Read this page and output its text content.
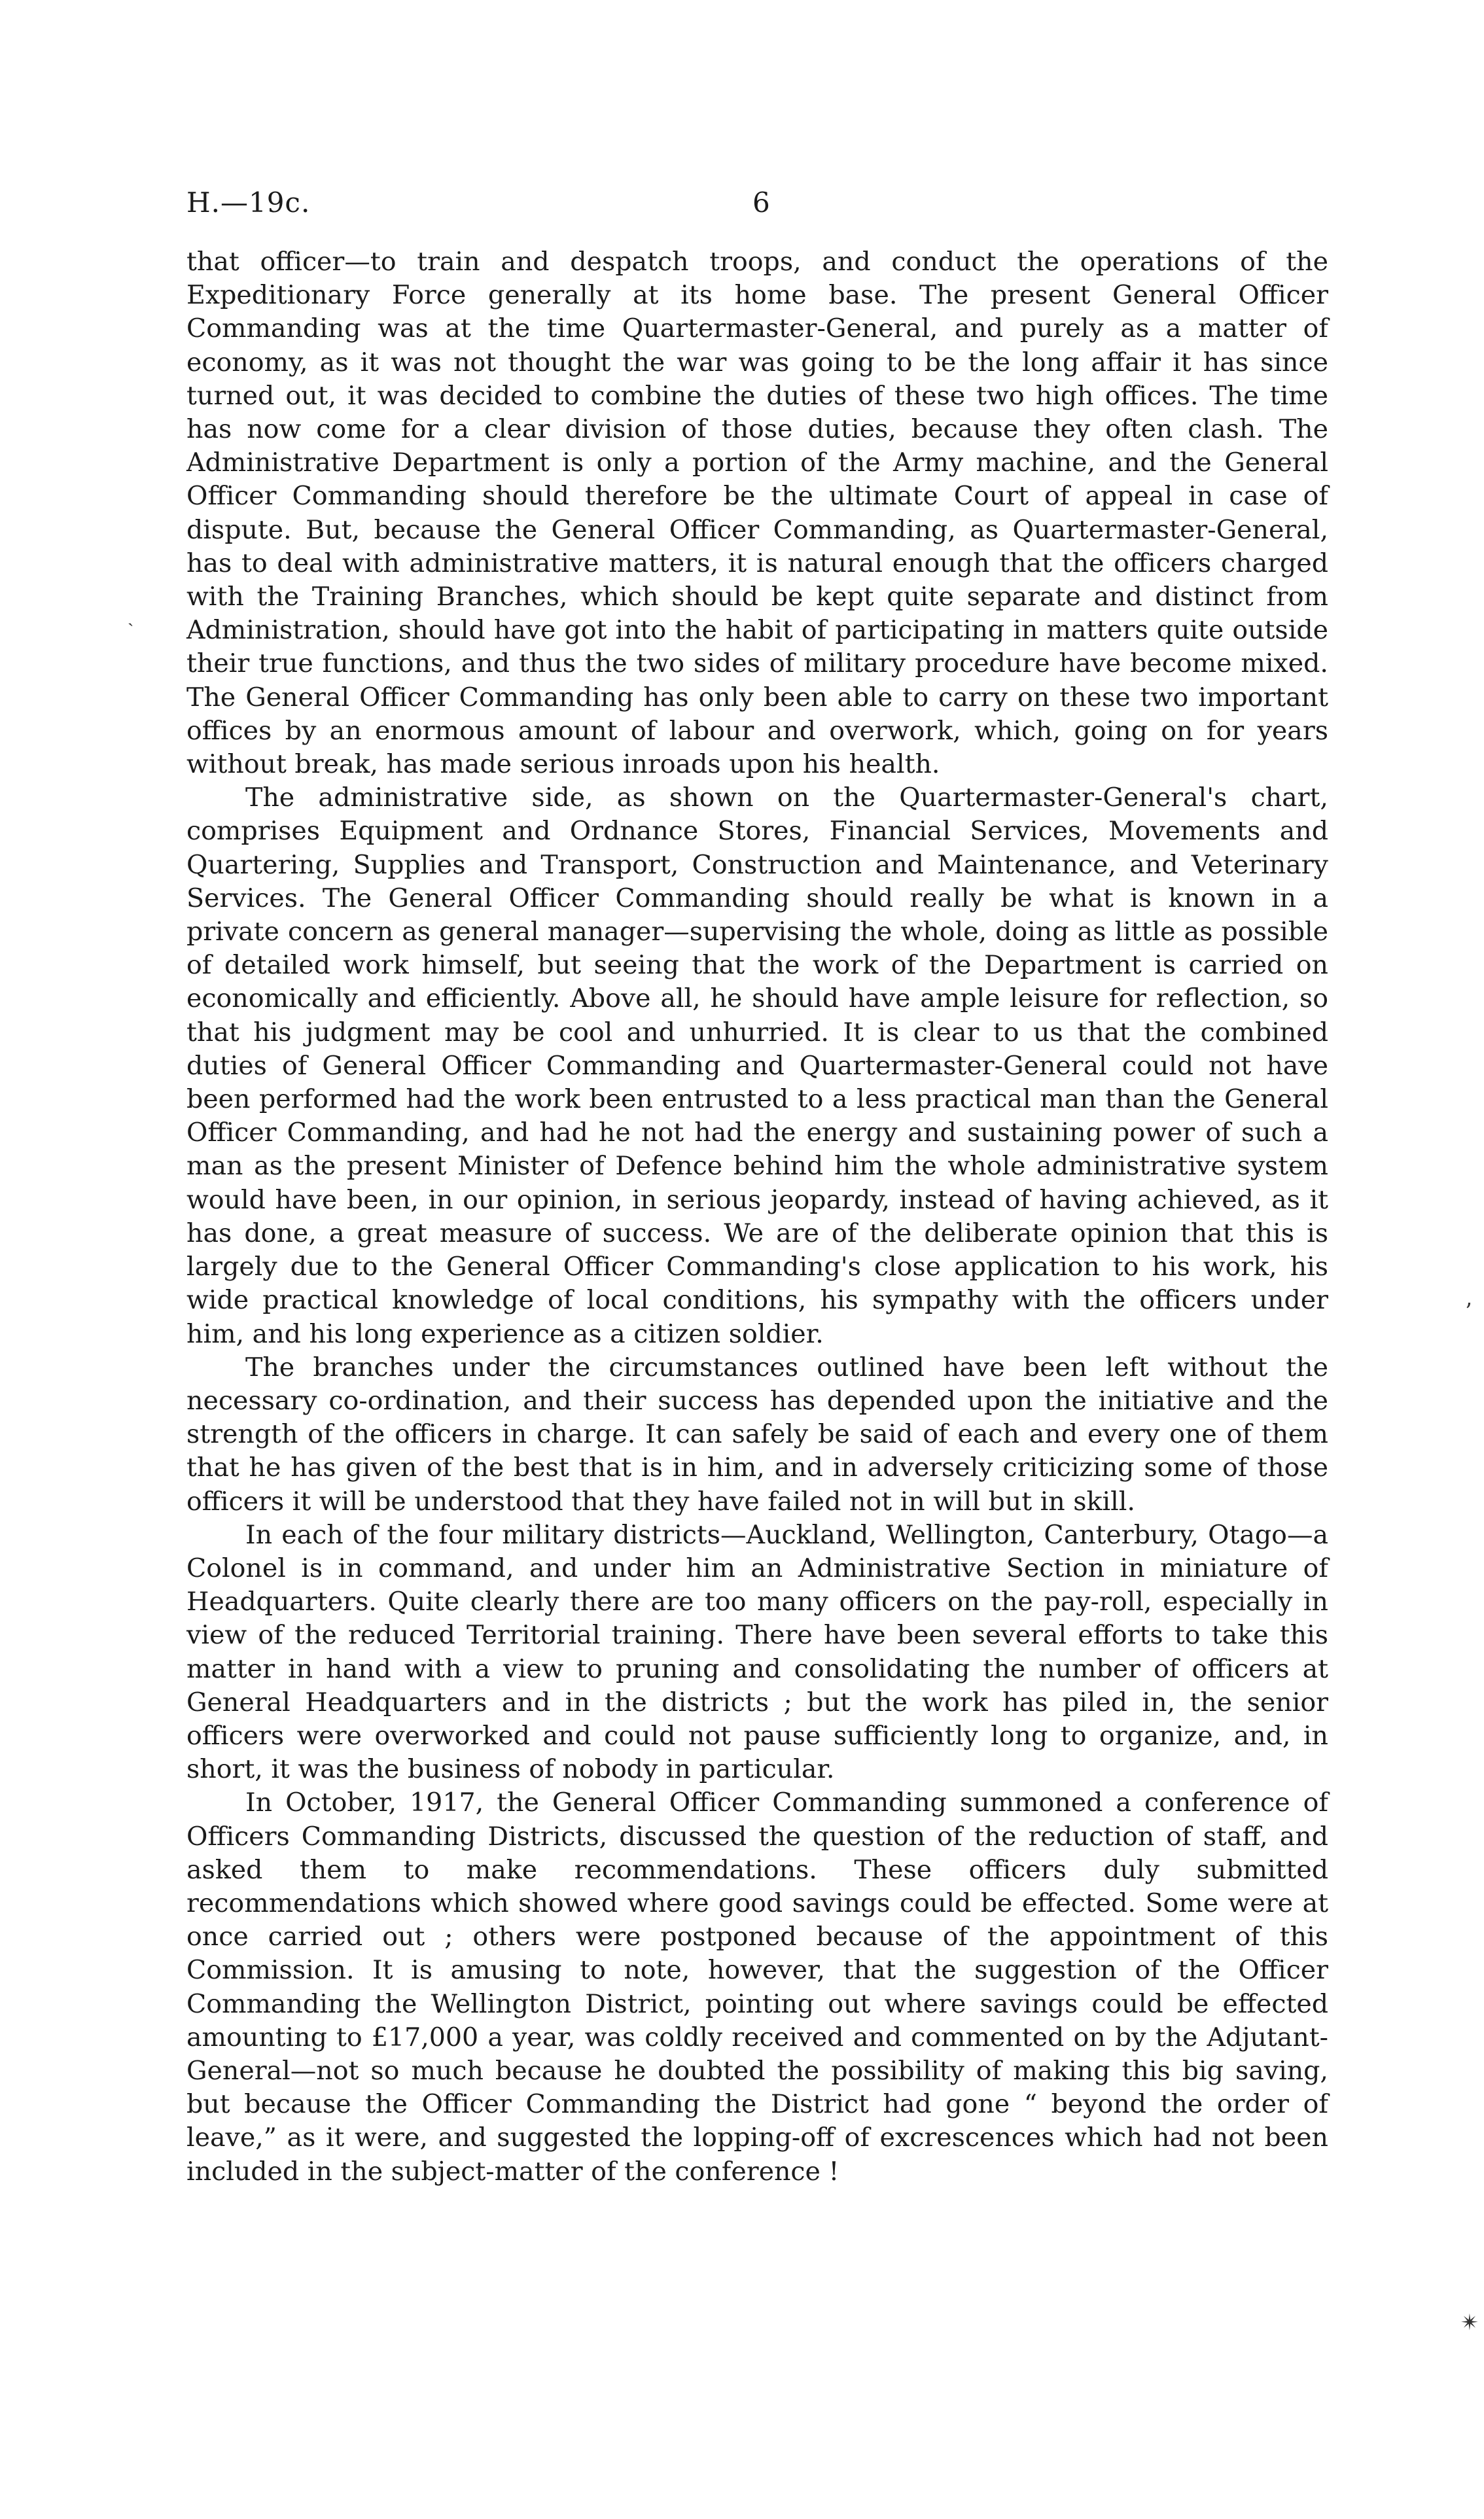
H.—19c.	6

that officer—to train and despatch troops, and conduct the operations of the Expeditionary Force generally at its home base. The present General Officer Commanding was at the time Quartermaster-General, and purely as a matter of economy, as it was not thought the war was going to be the long affair it has since turned out, it was decided to combine the duties of these two high offices. The time has now come for a clear division of those duties, because they often clash. The Administrative Department is only a portion of the Army machine, and the General Officer Commanding should therefore be the ultimate Court of appeal in case of dispute. But, because the General Officer Commanding, as Quartermaster-General, has to deal with administrative matters, it is natural enough that the officers charged with the Training Branches, which should be kept quite separate and distinct from Administration, should have got into the habit of participating in matters quite outside their true functions, and thus the two sides of military procedure have become mixed. The General Officer Commanding has only been able to carry on these two important offices by an enormous amount of labour and overwork, which, going on for years without break, has made serious inroads upon his health.

The administrative side, as shown on the Quartermaster-General's chart, comprises Equipment and Ordnance Stores, Financial Services, Movements and Quartering, Supplies and Transport, Construction and Maintenance, and Veterinary Services. The General Officer Commanding should really be what is known in a private concern as general manager—supervising the whole, doing as little as possible of detailed work himself, but seeing that the work of the Department is carried on economically and efficiently. Above all, he should have ample leisure for reflection, so that his judgment may be cool and unhurried. It is clear to us that the combined duties of General Officer Commanding and Quartermaster-General could not have been performed had the work been entrusted to a less practical man than the General Officer Commanding, and had he not had the energy and sustaining power of such a man as the present Minister of Defence behind him the whole administrative system would have been, in our opinion, in serious jeopardy, instead of having achieved, as it has done, a great measure of success. We are of the deliberate opinion that this is largely due to the General Officer Commanding's close application to his work, his wide practical knowledge of local conditions, his sympathy with the officers under him, and his long experience as a citizen soldier.

The branches under the circumstances outlined have been left without the necessary co-ordination, and their success has depended upon the initiative and the strength of the officers in charge. It can safely be said of each and every one of them that he has given of the best that is in him, and in adversely criticizing some of those officers it will be understood that they have failed not in will but in skill.

In each of the four military districts—Auckland, Wellington, Canterbury, Otago—a Colonel is in command, and under him an Administrative Section in miniature of Headquarters. Quite clearly there are too many officers on the pay-roll, especially in view of the reduced Territorial training. There have been several efforts to take this matter in hand with a view to pruning and consolidating the number of officers at General Headquarters and in the districts ; but the work has piled in, the senior officers were overworked and could not pause sufficiently long to organize, and, in short, it was the business of nobody in particular.

In October, 1917, the General Officer Commanding summoned a conference of Officers Commanding Districts, discussed the question of the reduction of staff, and asked them to make recommendations. These officers duly submitted recommendations which showed where good savings could be effected. Some were at once carried out ; others were postponed because of the appointment of this Commission. It is amusing to note, however, that the suggestion of the Officer Commanding the Wellington District, pointing out where savings could be effected amounting to £17,000 a year, was coldly received and commented on by the Adjutant-General—not so much because he doubted the possibility of making this big saving, but because the Officer Commanding the District had gone “ beyond the order of leave,” as it were, and suggested the lopping-off of excrescences which had not been included in the subject-matter of the conference !

ˎ
ʼ
✴
